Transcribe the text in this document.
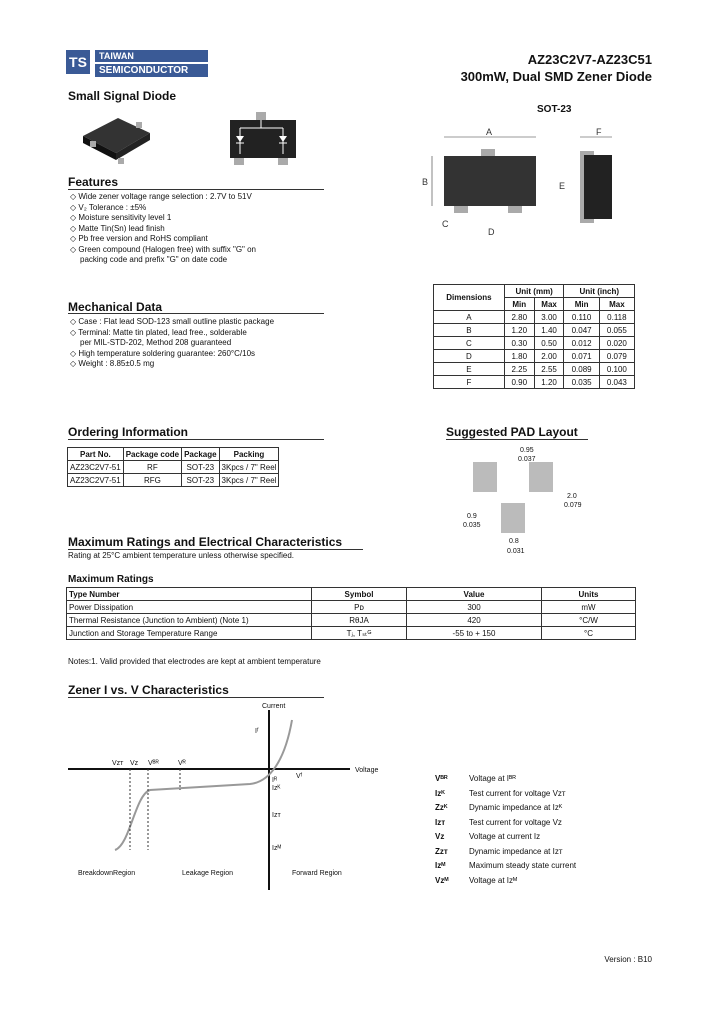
TS	TAIWAN
SEMICONDUCTOR
AZ23C2V7-AZ23C51
300mW, Dual SMD Zener Diode
Small Signal Diode
Features
◇ Wide zener voltage range selection : 2.7V to 51V
◇ V₂ Tolerance : ±5%
◇ Moisture sensitivity level 1
◇ Matte Tin(Sn) lead finish
◇ Pb free version and RoHS compliant
◇ Green compound (Halogen free) with suffix "G" on
packing code and prefix "G" on date code
Mechanical Data
◇ Case : Flat lead SOD-123 small outline plastic package
◇ Terminal: Matte tin plated, lead free., solderable
per MIL-STD-202, Method 208 guaranteed
◇ High temperature soldering guarantee: 260°C/10s
◇ Weight : 8.85±0.5 mg
SOT-23
A
B
C
D
F
E
Dimensions	Unit (mm)		Unit (inch)	
	Min	Max	Min	Max
A	2.80	3.00	0.110	0.118
B	1.20	1.40	0.047	0.055
C	0.30	0.50	0.012	0.020
D	1.80	2.00	0.071	0.079
E	2.25	2.55	0.089	0.100
F	0.90	1.20	0.035	0.043
Ordering Information
Part No.	Package code	Package	Packing
AZ23C2V7-51	RF	SOT-23	3Kpcs / 7" Reel
AZ23C2V7-51	RFG	SOT-23	3Kpcs / 7" Reel
Suggested PAD Layout
0.95
0.037
2.0
0.079
0.9
0.035
0.8
0.031
Maximum Ratings and Electrical Characteristics
Rating at 25°C ambient temperature unless otherwise specified.
Maximum Ratings
Type Number	Symbol	Value	Units
Power Dissipation	Pᴅ	300	mW
Thermal Resistance (Junction to Ambient) (Note 1)	RθJA	420	°C/W
Junction and Storage Temperature Range	Tⱼ, Tₛₜᴳ	-55 to + 150	°C
Notes:1. Valid provided that electrodes are kept at ambient temperature
Zener I vs. V Characteristics
Current
Voltage
Vᴢᴛ Vᴢ Vᴮᴿ	Vᴿ
Vᶠ
Iᶠ
Iᴿ
Iᴢᴷ
Iᴢᴛ
Iᴢᴹ
BreakdownRegion	Leakage Region	Forward Region
Vᴮᴿ	Voltage at Iᴮᴿ
Iᴢᴷ	Test current for voltage Vᴢᴛ
Zᴢᴷ	Dynamic impedance at Iᴢᴷ
Iᴢᴛ	Test current for voltage Vᴢ
Vᴢ	Voltage at current Iᴢ
Zᴢᴛ	Dynamic impedance at Iᴢᴛ
Iᴢᴹ	Maximum steady state current
Vᴢᴹ	Voltage at Iᴢᴹ
Version : B10
